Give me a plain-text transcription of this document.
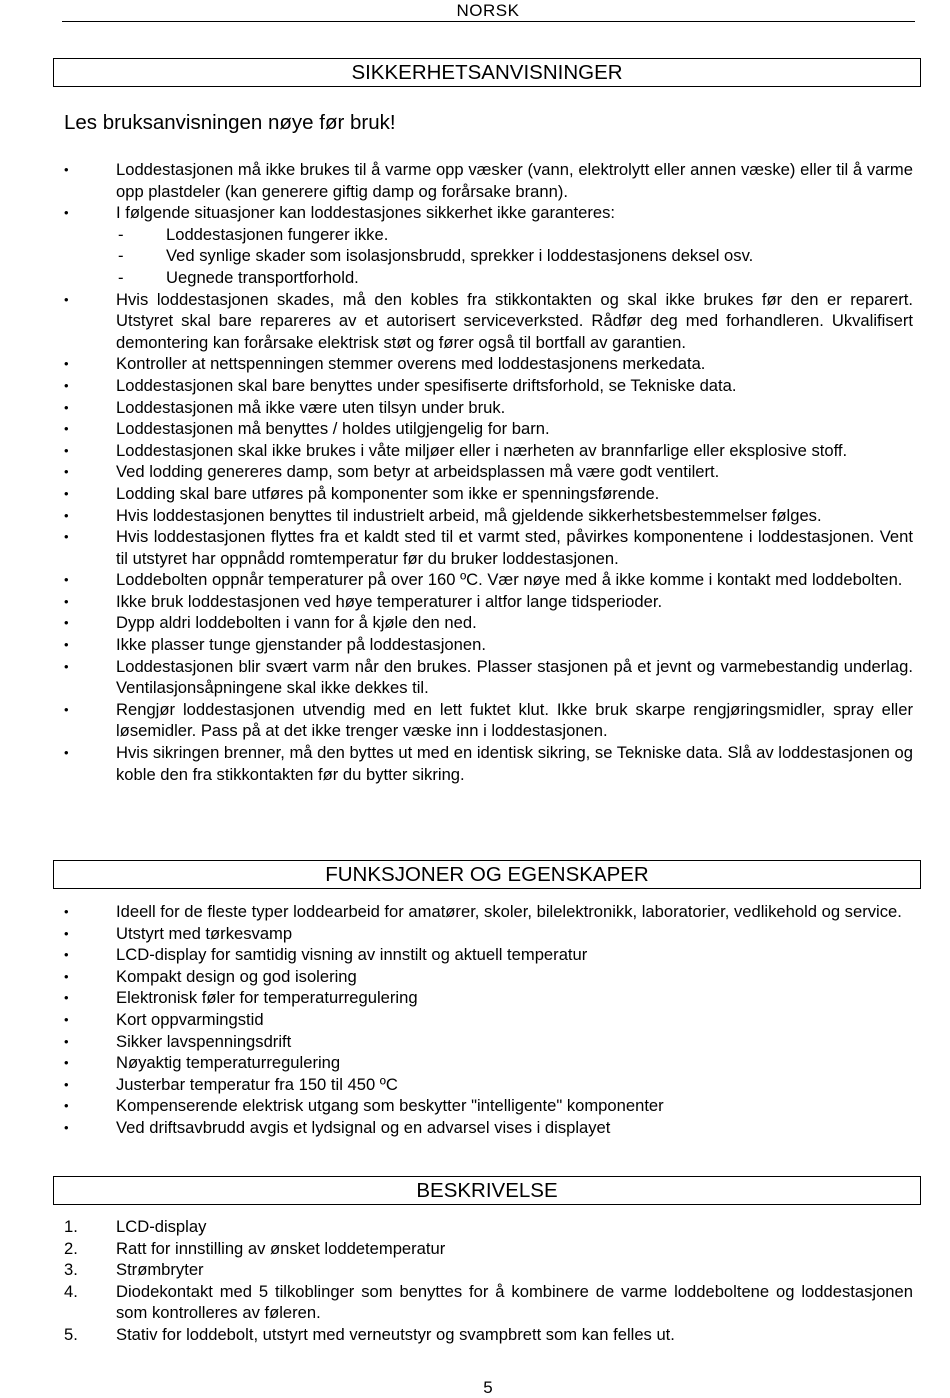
NORSK
SIKKERHETSANVISNINGER
Les bruksanvisningen nøye før bruk!
•	Loddestasjonen må ikke brukes til å varme opp væsker (vann, elektrolytt eller annen væske) eller til å varme opp plastdeler (kan generere giftig damp og forårsake brann).
•	I følgende situasjoner kan loddestasjones sikkerhet ikke garanteres:
-	Loddestasjonen fungerer ikke.
-	Ved synlige skader som isolasjonsbrudd, sprekker i loddestasjonens deksel osv.
-	Uegnede transportforhold.
•	Hvis loddestasjonen skades, må den kobles fra stikkontakten og skal ikke brukes før den er reparert. Utstyret skal bare repareres av et autorisert serviceverksted. Rådfør deg med forhandleren. Ukvalifisert demontering kan forårsake elektrisk støt og fører også til bortfall av garantien.
•	Kontroller at nettspenningen stemmer overens med loddestasjonens merkedata.
•	Loddestasjonen skal bare benyttes under spesifiserte driftsforhold, se Tekniske data.
•	Loddestasjonen må ikke være uten tilsyn under bruk.
•	Loddestasjonen må benyttes / holdes utilgjengelig for barn.
•	Loddestasjonen skal ikke brukes i våte miljøer eller i nærheten av brannfarlige eller eksplosive stoff.
•	Ved lodding genereres damp, som betyr at arbeidsplassen må være godt ventilert.
•	Lodding skal bare utføres på komponenter som ikke er spenningsførende.
•	Hvis loddestasjonen benyttes til industrielt arbeid, må gjeldende sikkerhetsbestemmelser følges.
•	Hvis loddestasjonen flyttes fra et kaldt sted til et varmt sted, påvirkes komponentene i loddestasjonen. Vent til utstyret har oppnådd romtemperatur før du bruker loddestasjonen.
•	Loddebolten oppnår temperaturer på over 160 ºC. Vær nøye med å ikke komme i kontakt med loddebolten.
•	Ikke bruk loddestasjonen ved høye temperaturer i altfor lange tidsperioder.
•	Dypp aldri loddebolten i vann for å kjøle den ned.
•	Ikke plasser tunge gjenstander på loddestasjonen.
•	Loddestasjonen blir svært varm når den brukes. Plasser stasjonen på et jevnt og varmebestandig underlag. Ventilasjonsåpningene skal ikke dekkes til.
•	Rengjør loddestasjonen utvendig med en lett fuktet klut. Ikke bruk skarpe rengjøringsmidler, spray eller løsemidler. Pass på at det ikke trenger væske inn i loddestasjonen.
•	Hvis sikringen brenner, må den byttes ut med en identisk sikring, se Tekniske data. Slå av loddestasjonen og koble den fra stikkontakten før du bytter sikring.
FUNKSJONER OG EGENSKAPER
•	Ideell for de fleste typer loddearbeid for amatører, skoler, bilelektronikk, laboratorier, vedlikehold og service.
•	Utstyrt med tørkesvamp
•	LCD-display for samtidig visning av innstilt og aktuell temperatur
•	Kompakt design og god isolering
•	Elektronisk føler for temperaturregulering
•	Kort oppvarmingstid
•	Sikker lavspenningsdrift
•	Nøyaktig temperaturregulering
•	Justerbar temperatur fra 150 til 450 ºC
•	Kompenserende elektrisk utgang som beskytter "intelligente" komponenter
•	Ved driftsavbrudd avgis et lydsignal og en advarsel vises i displayet
BESKRIVELSE
1. LCD-display
2. Ratt for innstilling av ønsket loddetemperatur
3. Strømbryter
4. Diodekontakt med 5 tilkoblinger som benyttes for å kombinere de varme loddeboltene og loddestasjonen som kontrolleres av føleren.
5. Stativ for loddebolt, utstyrt med verneutstyr og svampbrett som kan felles ut.
5
